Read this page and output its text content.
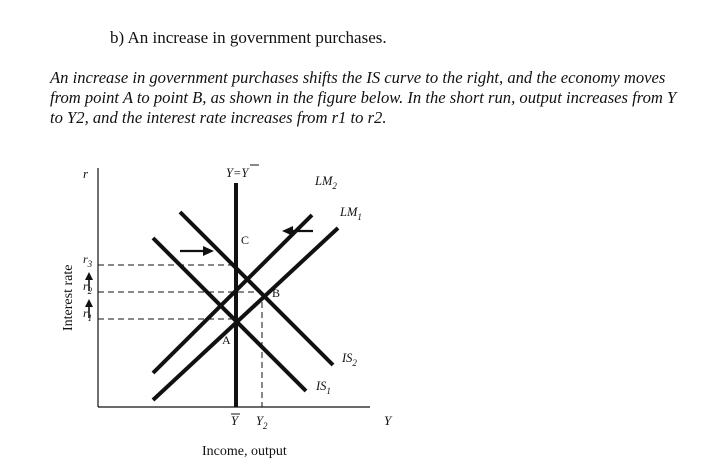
b) An increase in government purchases.

An increase in government purchases shifts the IS curve to the right, and the economy moves from point A to point B, as shown in the figure below. In the short run, output increases from Y to Y2, and the interest rate increases from r1 to r2.

r
Interest rate
Y
Income, output
Y=Y
$LM_2$
$LM_1$
$IS_2$
$IS_1$
A
B
C
$r_3$
$r_2$
$r_1$
Y $Y_2$
